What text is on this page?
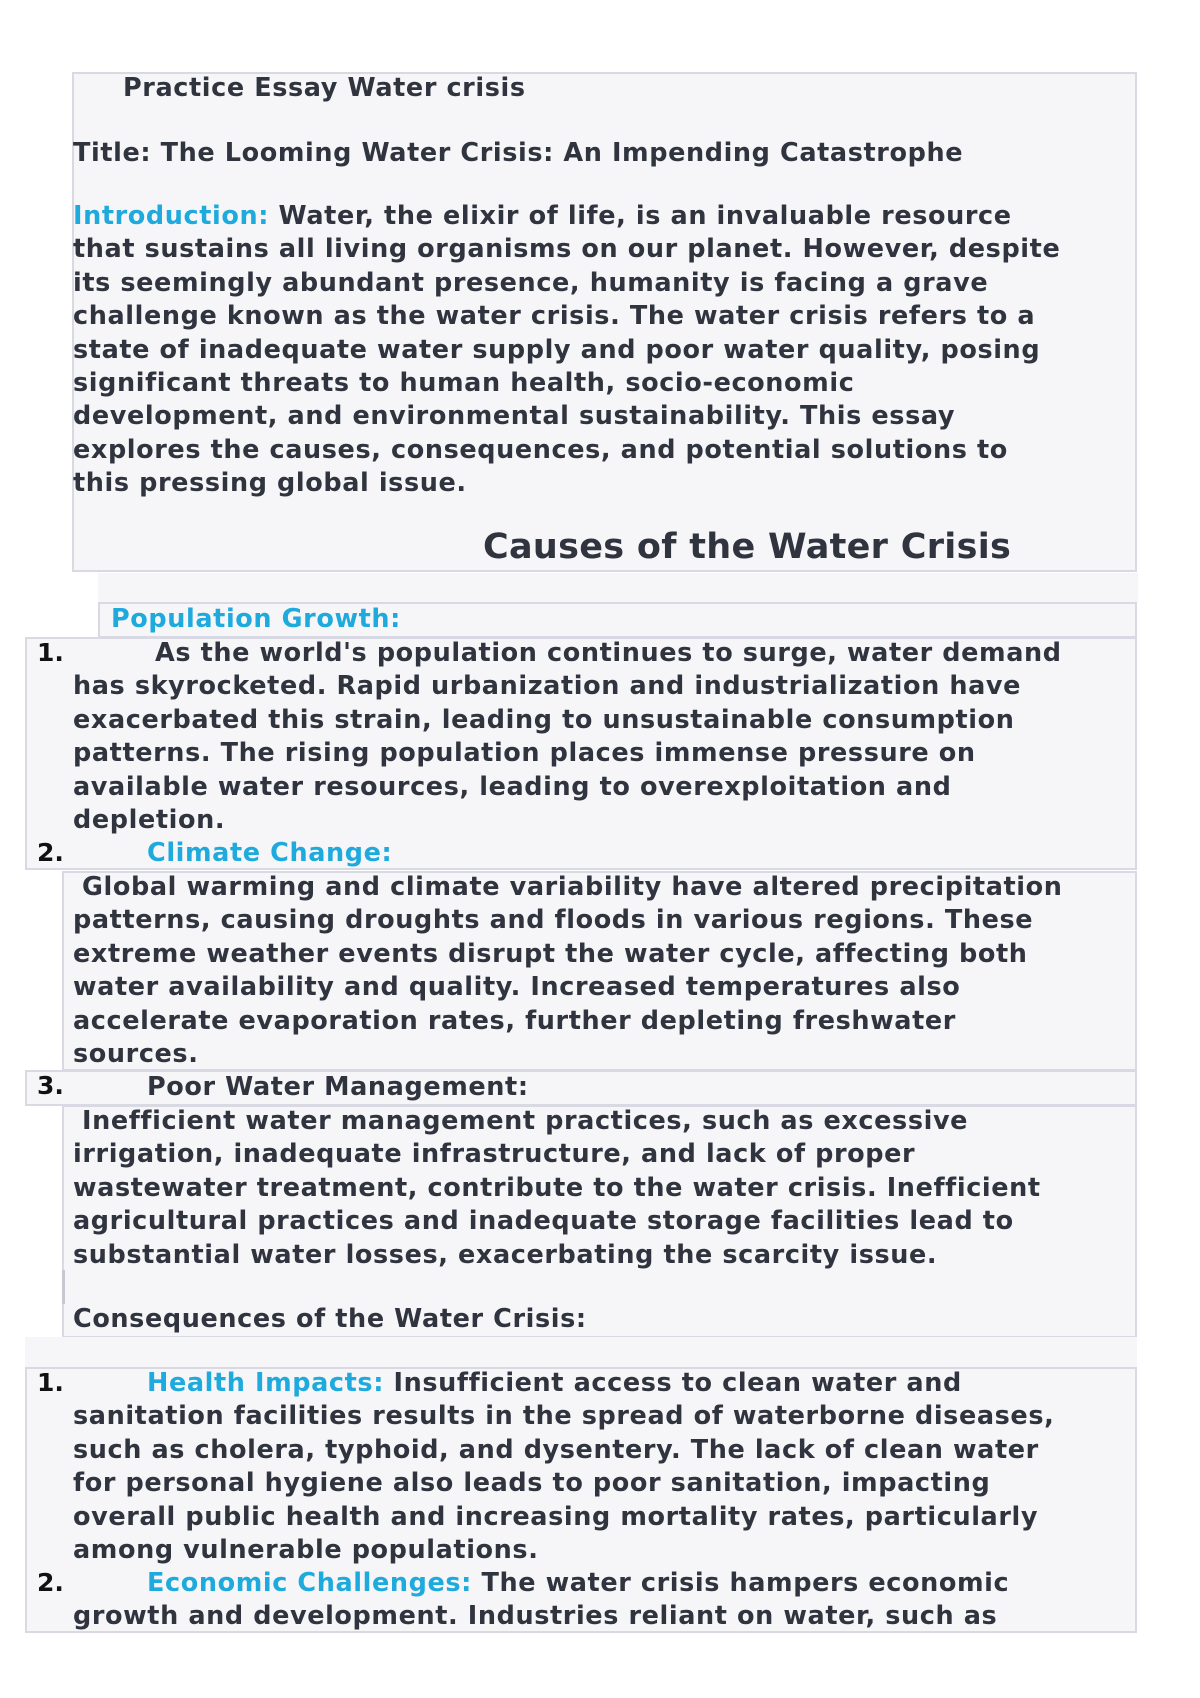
Practice Essay Water crisis

Title: The Looming Water Crisis: An Impending Catastrophe

Introduction: Water, the elixir of life, is an invaluable resource
that sustains all living organisms on our planet. However, despite
its seemingly abundant presence, humanity is facing a grave
challenge known as the water crisis. The water crisis refers to a
state of inadequate water supply and poor water quality, posing
significant threats to human health, socio-economic
development, and environmental sustainability. This essay
explores the causes, consequences, and potential solutions to
this pressing global issue.

Causes of the Water Crisis

Population Growth:

1.	As the world's population continues to surge, water demand
has skyrocketed. Rapid urbanization and industrialization have
exacerbated this strain, leading to unsustainable consumption
patterns. The rising population places immense pressure on
available water resources, leading to overexploitation and
depletion.

2.	Climate Change:

Global warming and climate variability have altered precipitation
patterns, causing droughts and floods in various regions. These
extreme weather events disrupt the water cycle, affecting both
water availability and quality. Increased temperatures also
accelerate evaporation rates, further depleting freshwater
sources.

3.	Poor Water Management:

Inefficient water management practices, such as excessive
irrigation, inadequate infrastructure, and lack of proper
wastewater treatment, contribute to the water crisis. Inefficient
agricultural practices and inadequate storage facilities lead to
substantial water losses, exacerbating the scarcity issue.

Consequences of the Water Crisis:

1.	Health Impacts: Insufficient access to clean water and
sanitation facilities results in the spread of waterborne diseases,
such as cholera, typhoid, and dysentery. The lack of clean water
for personal hygiene also leads to poor sanitation, impacting
overall public health and increasing mortality rates, particularly
among vulnerable populations.

2.	Economic Challenges: The water crisis hampers economic
growth and development. Industries reliant on water, such as
